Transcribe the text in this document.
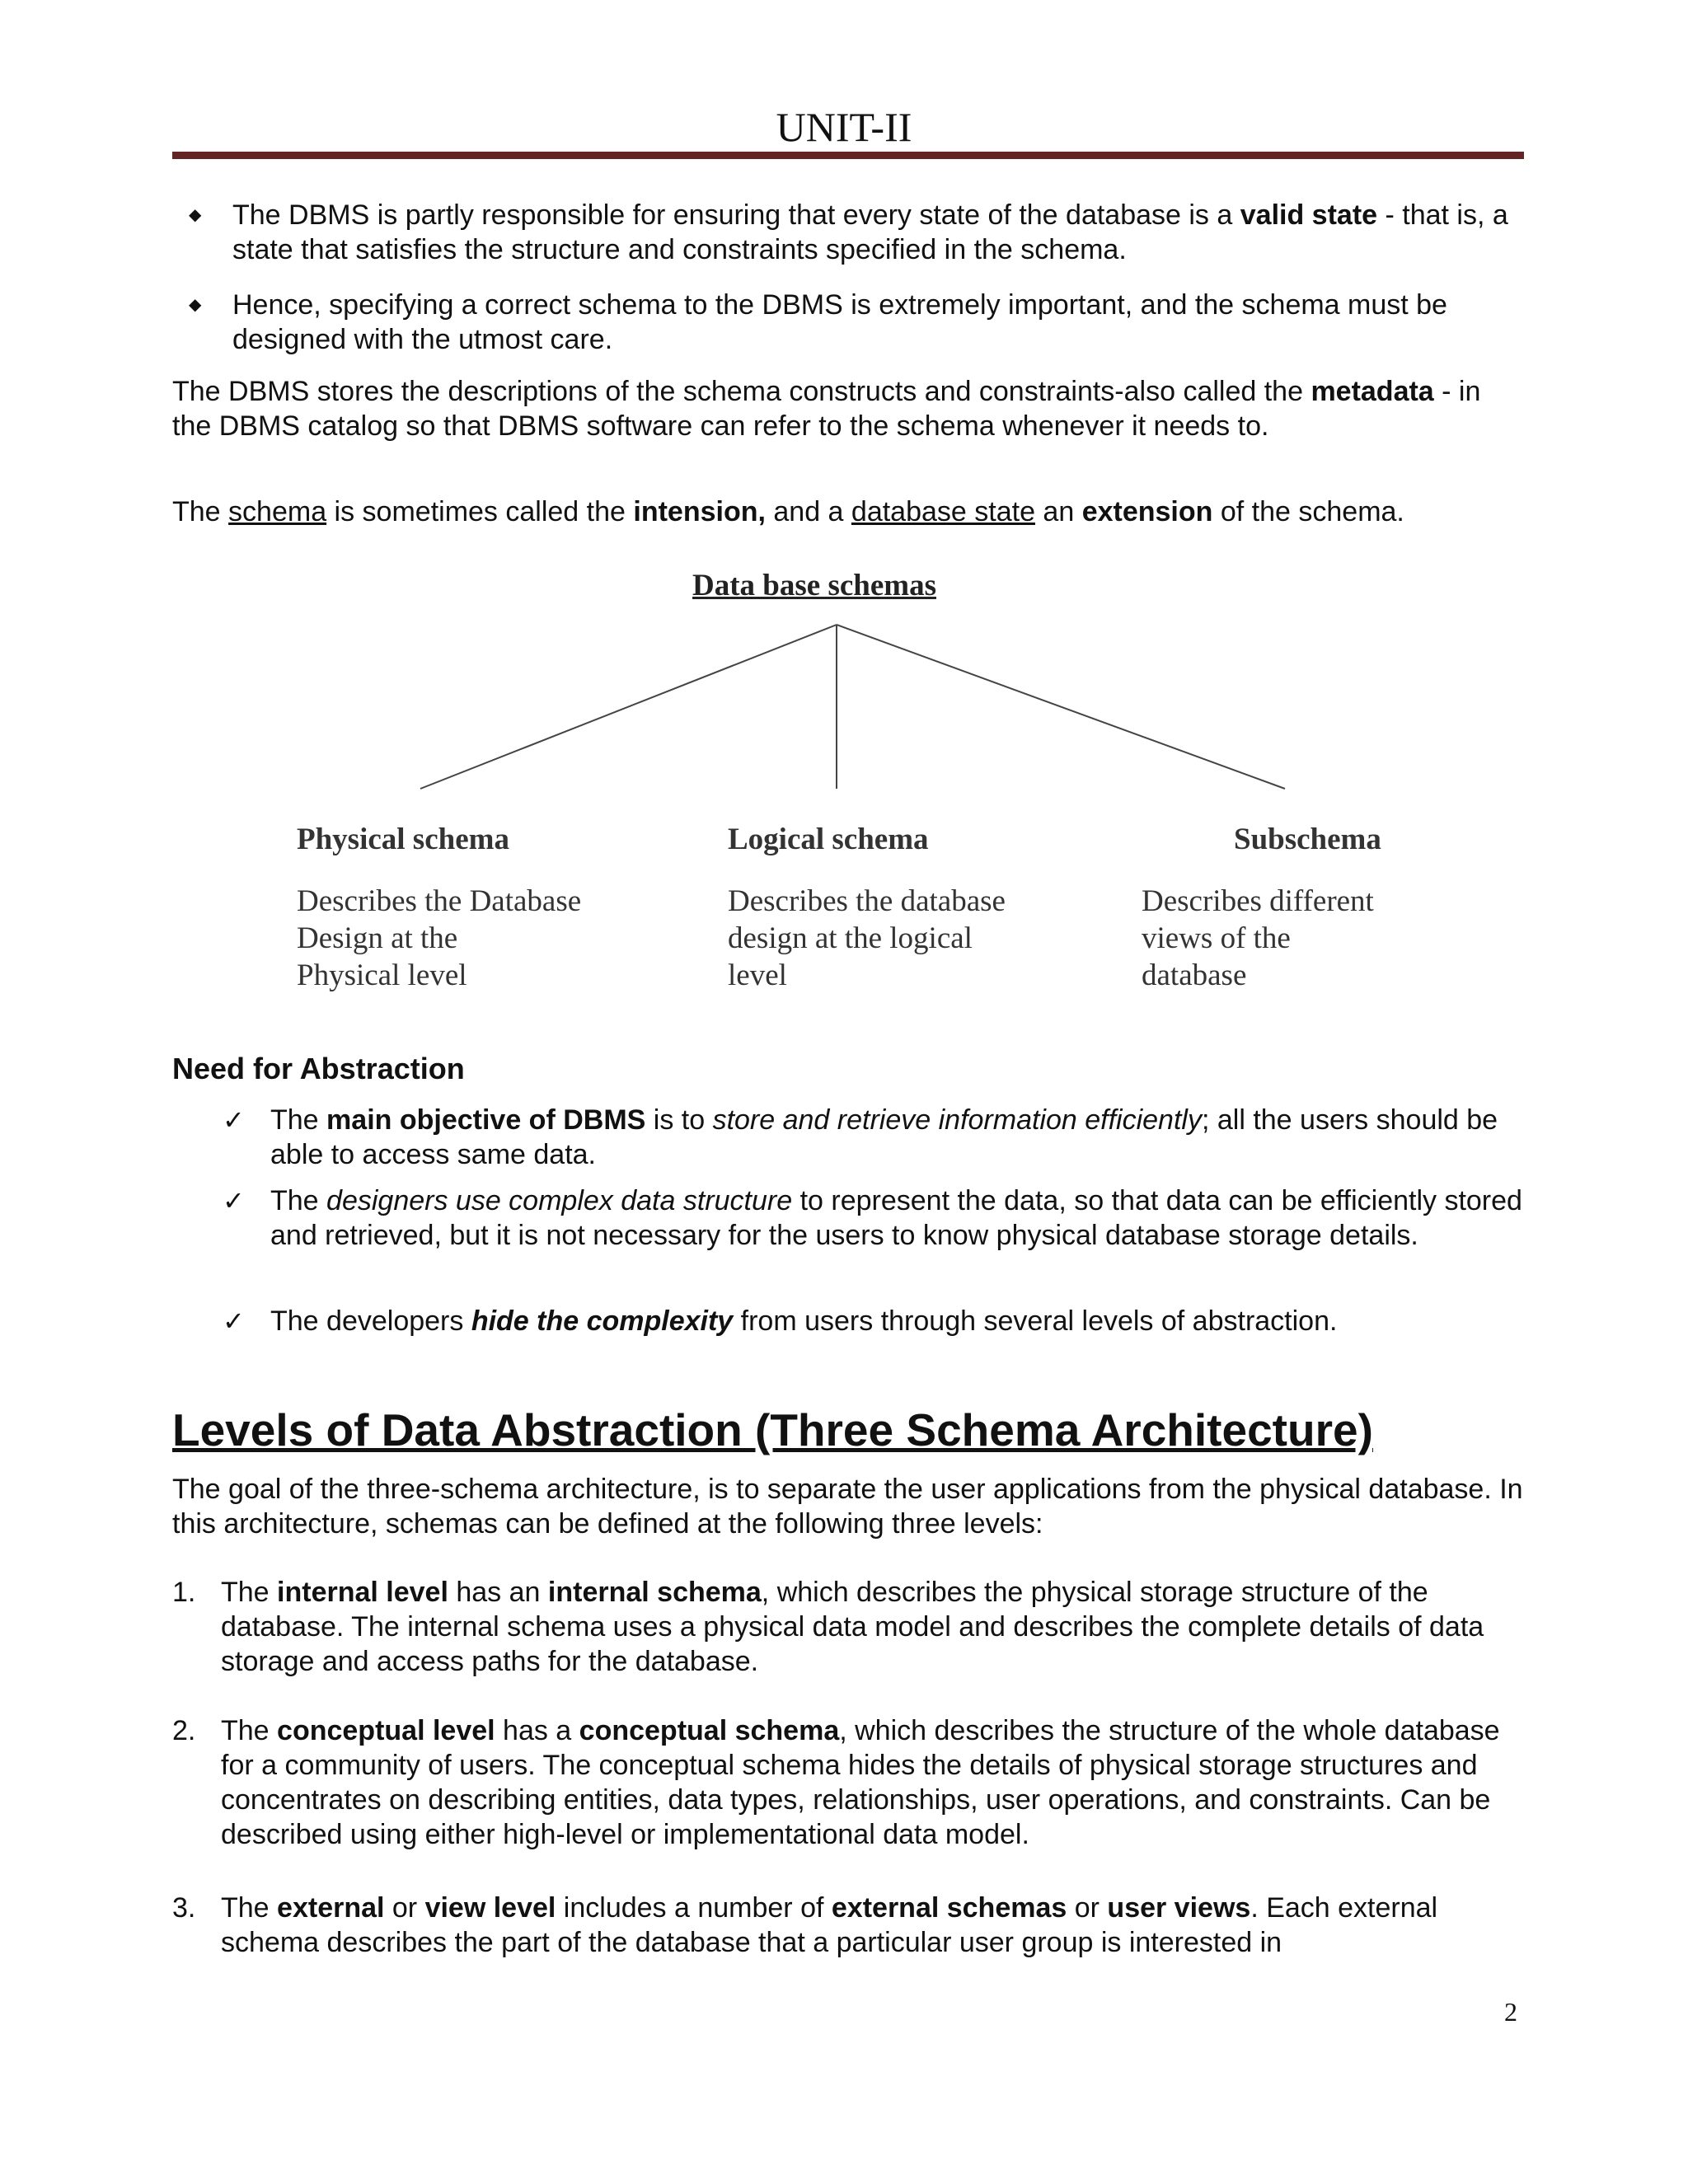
UNIT-II
◆ The DBMS is partly responsible for ensuring that every state of the database is a valid state - that is, a state that satisfies the structure and constraints specified in the schema.
◆ Hence, specifying a correct schema to the DBMS is extremely important, and the schema must be designed with the utmost care.
The DBMS stores the descriptions of the schema constructs and constraints-also called the metadata - in the DBMS catalog so that DBMS software can refer to the schema whenever it needs to.
The schema is sometimes called the intension, and a database state an extension of the schema.
Data base schemas
Physical schema	Logical schema	Subschema
Describes the Database
Design at the
Physical level
Describes the database
design at the logical
level
Describes different
views of the
database
Need for Abstraction
✓ The main objective of DBMS is to store and retrieve information efficiently; all the users should be able to access same data.
✓ The designers use complex data structure to represent the data, so that data can be efficiently stored and retrieved, but it is not necessary for the users to know physical database storage details.
✓ The developers hide the complexity from users through several levels of abstraction.
Levels of Data Abstraction (Three Schema Architecture)
The goal of the three-schema architecture, is to separate the user applications from the physical database. In this architecture, schemas can be defined at the following three levels:
1. The internal level has an internal schema, which describes the physical storage structure of the database. The internal schema uses a physical data model and describes the complete details of data storage and access paths for the database.
2. The conceptual level has a conceptual schema, which describes the structure of the whole database for a community of users. The conceptual schema hides the details of physical storage structures and concentrates on describing entities, data types, relationships, user operations, and constraints. Can be described using either high-level or implementational data model.
3. The external or view level includes a number of external schemas or user views. Each external schema describes the part of the database that a particular user group is interested in
2
